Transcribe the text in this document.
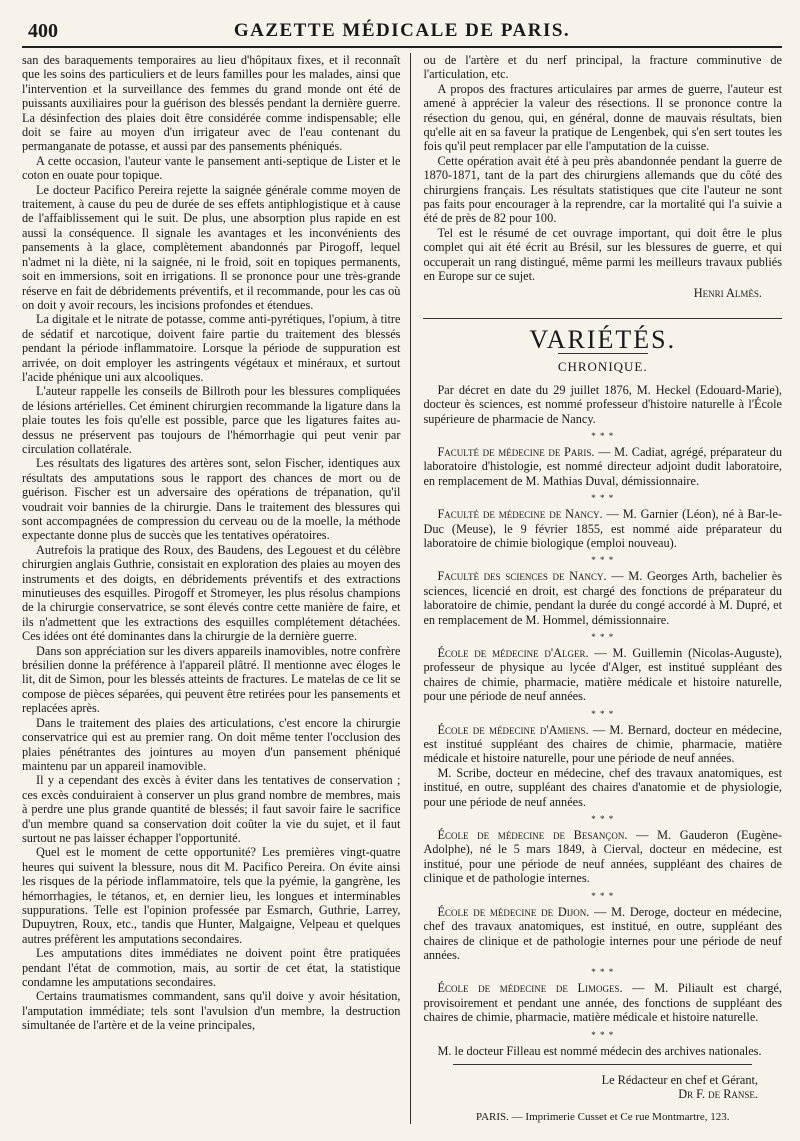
400	GAZETTE MÉDICALE DE PARIS.

san des baraquements temporaires au lieu d'hôpitaux fixes, et il reconnaît que les soins des particuliers et de leurs familles pour les malades, ainsi que l'intervention et la surveillance des femmes du grand monde ont été de puissants auxiliaires pour la guérison des blessés pendant la dernière guerre. La désinfection des plaies doit être considérée comme indispensable; elle doit se faire au moyen d'un irrigateur avec de l'eau contenant du permanganate de potasse, et aussi par des pansements phéniqués.

A cette occasion, l'auteur vante le pansement anti-septique de Lister et le coton en ouate pour topique.

Le docteur Pacifico Pereira rejette la saignée générale comme moyen de traitement, à cause du peu de durée de ses effets antiphlogistique et à cause de l'affaiblissement qui le suit. De plus, une absorption plus rapide en est aussi la conséquence. Il signale les avantages et les inconvénients des pansements à la glace, complètement abandonnés par Pirogoff, lequel n'admet ni la diète, ni la saignée, ni le froid, soit en topiques permanents, soit en immersions, soit en irrigations. Il se prononce pour une très-grande réserve en fait de débridements préventifs, et il recommande, pour les cas où on doit y avoir recours, les incisions profondes et étendues.

La digitale et le nitrate de potasse, comme anti-pyrétiques, l'opium, à titre de sédatif et narcotique, doivent faire partie du traitement des blessés pendant la période inflammatoire. Lorsque la période de suppuration est arrivée, on doit employer les astringents végétaux et minéraux, et surtout l'acide phénique uni aux alcooliques.

L'auteur rappelle les conseils de Billroth pour les blessures compliquées de lésions artérielles. Cet éminent chirurgien recommande la ligature dans la plaie toutes les fois qu'elle est possible, parce que les ligatures faites au-dessus ne préservent pas toujours de l'hémorrhagie qui peut venir par circulation collatérale.

Les résultats des ligatures des artères sont, selon Fischer, identiques aux résultats des amputations sous le rapport des chances de mort ou de guérison. Fischer est un adversaire des opérations de trépanation, qu'il voudrait voir bannies de la chirurgie. Dans le traitement des blessures qui sont accompagnées de compression du cerveau ou de la moelle, la méthode expectante donne plus de succès que les tentatives opératoires.

Autrefois la pratique des Roux, des Baudens, des Legouest et du célèbre chirurgien anglais Guthrie, consistait en exploration des plaies au moyen des instruments et des doigts, en débridements préventifs et des extractions minutieuses des esquilles. Pirogoff et Stromeyer, les plus résolus champions de la chirurgie conservatrice, se sont élevés contre cette manière de faire, et ils n'admettent que les extractions des esquilles complétement détachées. Ces idées ont été dominantes dans la chirurgie de la dernière guerre.

Dans son appréciation sur les divers appareils inamovibles, notre confrère brésilien donne la préférence à l'appareil plâtré. Il mentionne avec éloges le lit, dit de Simon, pour les blessés atteints de fractures. Le matelas de ce lit se compose de pièces séparées, qui peuvent être retirées pour les pansements et replacées après.

Dans le traitement des plaies des articulations, c'est encore la chirurgie conservatrice qui est au premier rang. On doit même tenter l'occlusion des plaies pénétrantes des jointures au moyen d'un pansement phéniqué maintenu par un appareil inamovible.

Il y a cependant des excès à éviter dans les tentatives de conservation ; ces excès conduiraient à conserver un plus grand nombre de membres, mais à perdre une plus grande quantité de blessés; il faut savoir faire le sacrifice d'un membre quand sa conservation doit coûter la vie du sujet, et il faut surtout ne pas laisser échapper l'opportunité.

Quel est le moment de cette opportunité? Les premières vingt-quatre heures qui suivent la blessure, nous dit M. Pacifico Pereira. On évite ainsi les risques de la période inflammatoire, tels que la pyémie, la gangrène, les hémorrhagies, le tétanos, et, en dernier lieu, les longues et interminables suppurations. Telle est l'opinion professée par Esmarch, Guthrie, Larrey, Dupuytren, Roux, etc., tandis que Hunter, Malgaigne, Velpeau et quelques autres préfèrent les amputations secondaires.

Les amputations dites immédiates ne doivent point être pratiquées pendant l'état de commotion, mais, au sortir de cet état, la statistique condamne les amputations secondaires.

Certains traumatismes commandent, sans qu'il doive y avoir hésitation, l'amputation immédiate; tels sont l'avulsion d'un membre, la destruction simultanée de l'artère et de la veine principales,

ou de l'artère et du nerf principal, la fracture comminutive de l'articulation, etc.

A propos des fractures articulaires par armes de guerre, l'auteur est amené à apprécier la valeur des résections. Il se prononce contre la résection du genou, qui, en général, donne de mauvais résultats, bien qu'elle ait en sa faveur la pratique de Lengenbek, qui s'en sert toutes les fois qu'il peut remplacer par elle l'amputation de la cuisse.

Cette opération avait été à peu près abandonnée pendant la guerre de 1870-1871, tant de la part des chirurgiens allemands que du côté des chirurgiens français. Les résultats statistiques que cite l'auteur ne sont pas faits pour encourager à la reprendre, car la mortalité qui l'a suivie a été de près de 82 pour 100.

Tel est le résumé de cet ouvrage important, qui doit être le plus complet qui ait été écrit au Brésil, sur les blessures de guerre, et qui occuperait un rang distingué, même parmi les meilleurs travaux publiés en Europe sur ce sujet.

Henri Almès.

VARIÉTÉS.
CHRONIQUE.

Par décret en date du 29 juillet 1876, M. Heckel (Edouard-Marie), docteur ès sciences, est nommé professeur d'histoire naturelle à l'École supérieure de pharmacie de Nancy.

* * *

Faculté de médecine de Paris. — M. Cadiat, agrégé, préparateur du laboratoire d'histologie, est nommé directeur adjoint dudit laboratoire, en remplacement de M. Mathias Duval, démissionnaire.

* * *

Faculté de médecine de Nancy. — M. Garnier (Léon), né à Bar-le-Duc (Meuse), le 9 février 1855, est nommé aide préparateur du laboratoire de chimie biologique (emploi nouveau).

* * *

Faculté des sciences de Nancy. — M. Georges Arth, bachelier ès sciences, licencié en droit, est chargé des fonctions de préparateur du laboratoire de chimie, pendant la durée du congé accordé à M. Dupré, et en remplacement de M. Hommel, démissionnaire.

* * *

École de médecine d'Alger. — M. Guillemin (Nicolas-Auguste), professeur de physique au lycée d'Alger, est institué suppléant des chaires de chimie, pharmacie, matière médicale et histoire naturelle, pour une période de neuf années.

* * *

École de médecine d'Amiens. — M. Bernard, docteur en médecine, est institué suppléant des chaires de chimie, pharmacie, matière médicale et histoire naturelle, pour une période de neuf années.

M. Scribe, docteur en médecine, chef des travaux anatomiques, est institué, en outre, suppléant des chaires d'anatomie et de physiologie, pour une période de neuf années.

* * *

École de médecine de Besançon. — M. Gauderon (Eugène-Adolphe), né le 5 mars 1849, à Cierval, docteur en médecine, est institué, pour une période de neuf années, suppléant des chaires de clinique et de pathologie internes.

* * *

École de médecine de Dijon. — M. Deroge, docteur en médecine, chef des travaux anatomiques, est institué, en outre, suppléant des chaires de clinique et de pathologie internes pour une période de neuf années.

* * *

École de médecine de Limoges. — M. Piliault est chargé, provisoirement et pendant une année, des fonctions de suppléant des chaires de chimie, pharmacie, matière médicale et histoire naturelle.

* * *

M. le docteur Filleau est nommé médecin des archives nationales.

Le Rédacteur en chef et Gérant,
Dr F. de Ranse.
PARIS. — Imprimerie Cusset et Ce rue Montmartre, 123.
